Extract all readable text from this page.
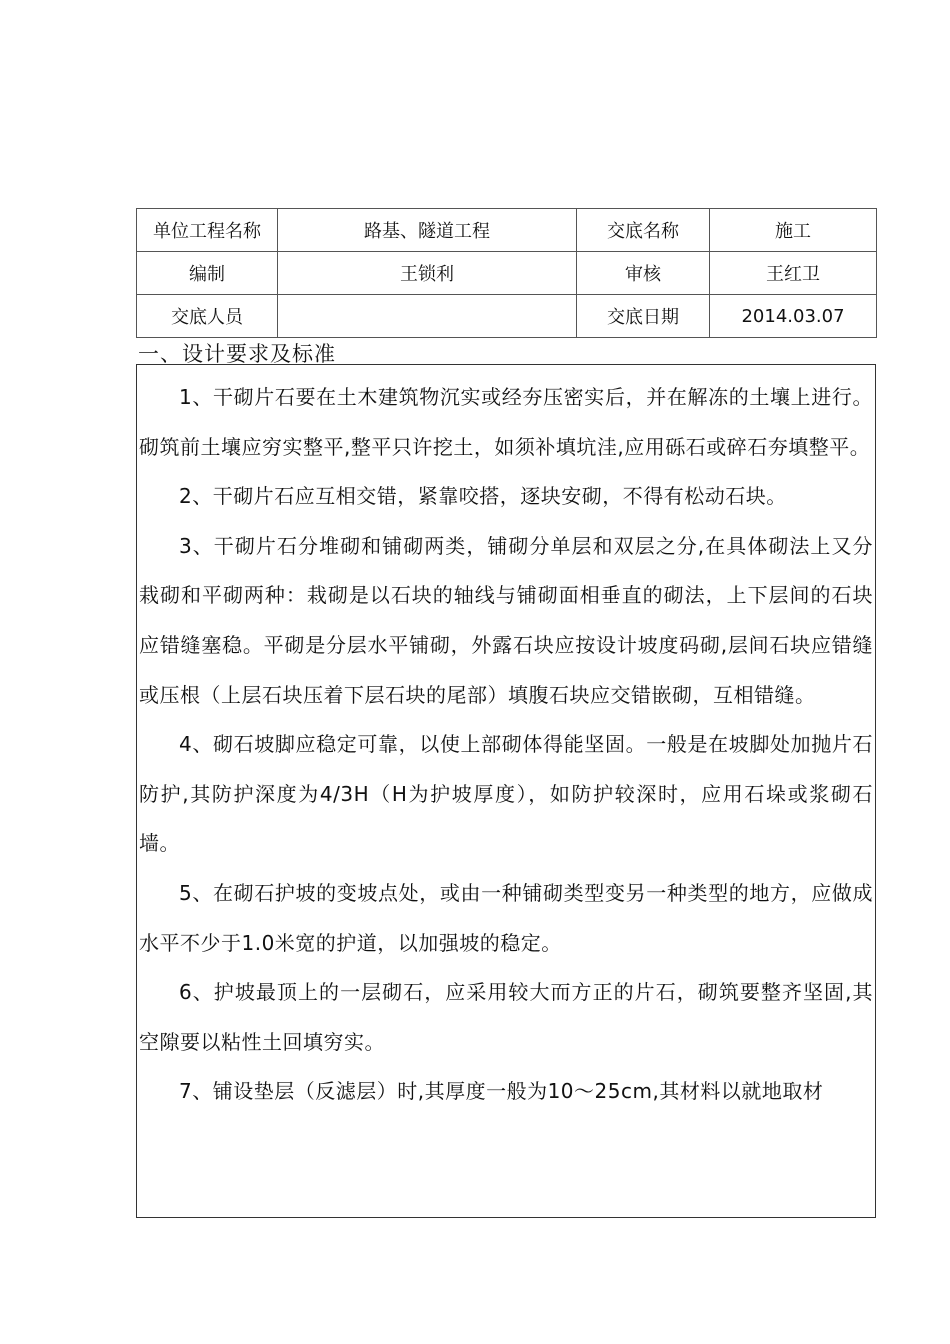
单位工程名称	路基、隧道工程	交底名称	施工
编制	王锁利	审核	王红卫
交底人员		交底日期	2014.03.07
一、设计要求及标准

1、干砌片石要在土木建筑物沉实或经夯压密实后，并在解冻的土壤上进行。砌筑前土壤应穷实整平,整平只许挖土，如须补填坑洼,应用砾石或碎石夯填整平。

2、干砌片石应互相交错，紧靠咬搭，逐块安砌，不得有松动石块。

3、干砌片石分堆砌和铺砌两类，铺砌分单层和双层之分,在具体砌法上又分栽砌和平砌两种：栽砌是以石块的轴线与铺砌面相垂直的砌法，上下层间的石块应错缝塞稳。平砌是分层水平铺砌，外露石块应按设计坡度码砌,层间石块应错缝或压根（上层石块压着下层石块的尾部）填腹石块应交错嵌砌，互相错缝。

4、砌石坡脚应稳定可靠，以使上部砌体得能坚固。一般是在坡脚处加抛片石防护,其防护深度为4/3H（H为护坡厚度），如防护较深时，应用石垛或浆砌石墙。

5、在砌石护坡的变坡点处，或由一种铺砌类型变另一种类型的地方，应做成水平不少于1.0米宽的护道，以加强坡的稳定。

6、护坡最顶上的一层砌石，应采用较大而方正的片石，砌筑要整齐坚固,其空隙要以粘性土回填穷实。

7、铺设垫层（反滤层）时,其厚度一般为10〜25cm,其材料以就地取材
